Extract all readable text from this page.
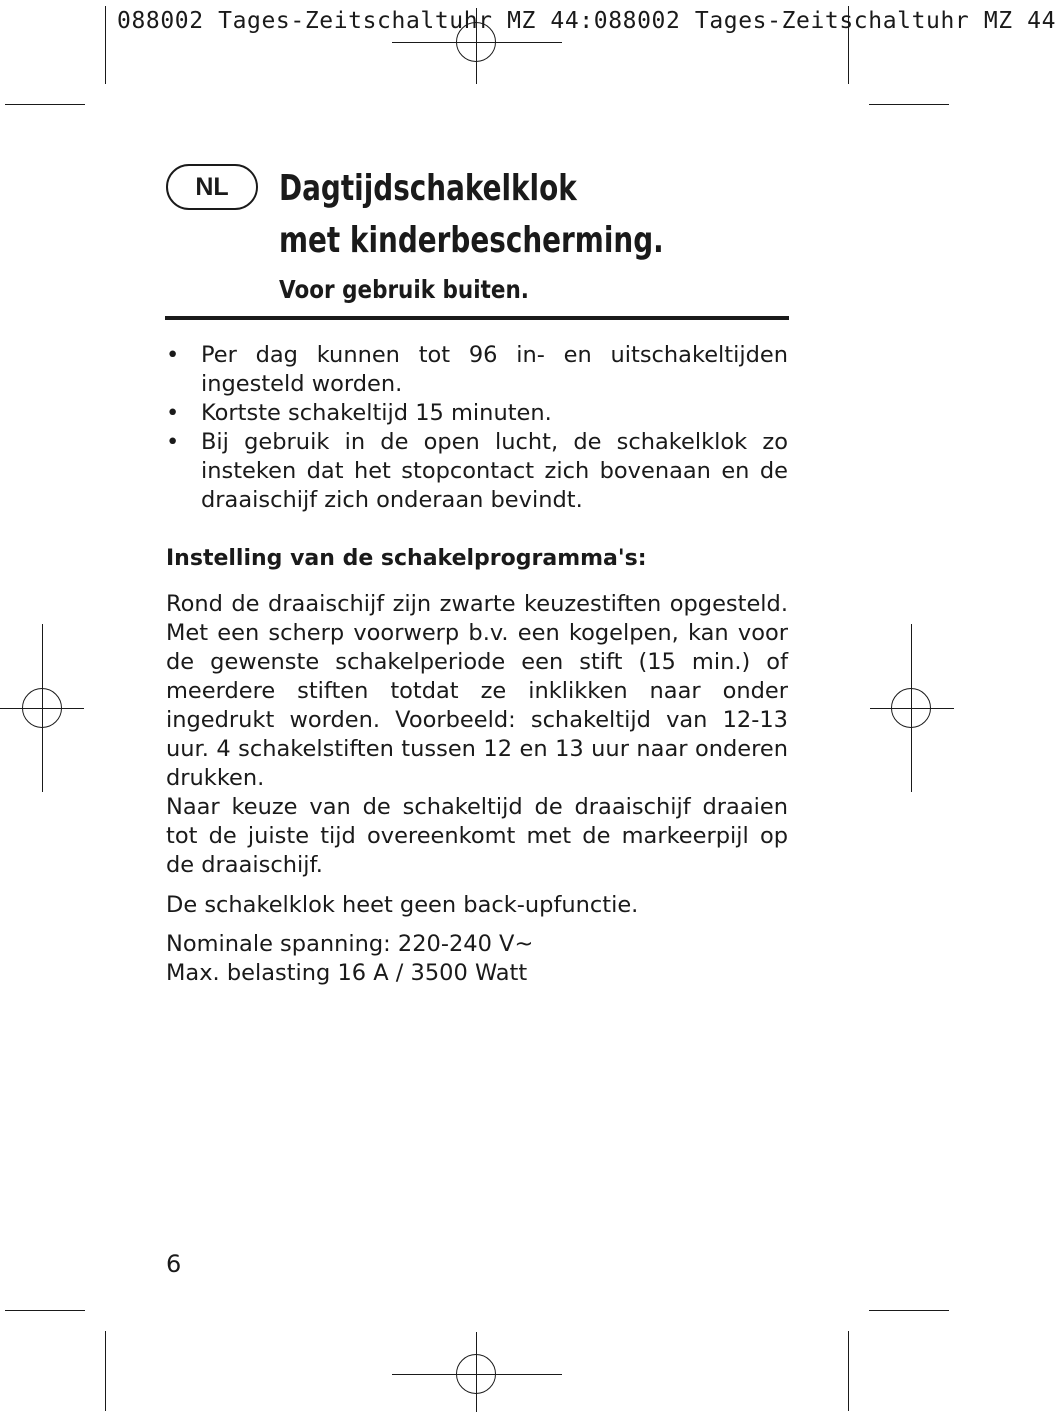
088002 Tages-Zeitschaltuhr MZ 44:088002 Tages-Zeitschaltuhr MZ 44
NL	Dagtijdschakelklok
met kinderbescherming.
Voor gebruik buiten.
• Per dag kunnen tot 96 in- en uitschakeltijden ingesteld worden.
• Kortste schakeltijd 15 minuten.
• Bij gebruik in de open lucht, de schakelklok zo insteken dat het stopcontact zich bovenaan en de draaischijf zich onderaan bevindt.
Instelling van de schakelprogramma's:

Rond de draaischijf zijn zwarte keuzestiften opgesteld. Met een scherp voorwerp b.v. een kogelpen, kan voor de gewenste schakelperiode een stift (15 min.) of meerdere stiften totdat ze inklikken naar onder ingedrukt worden. Voorbeeld: schakeltijd van 12-13 uur. 4 schakelstiften tussen 12 en 13 uur naar onderen drukken.

Naar keuze van de schakeltijd de draaischijf draaien tot de juiste tijd overeenkomt met de markeerpijl op de draaischijf.

De schakelklok heet geen back-upfunctie.

Nominale spanning: 220-240 V~
Max. belasting 16 A / 3500 Watt
6
